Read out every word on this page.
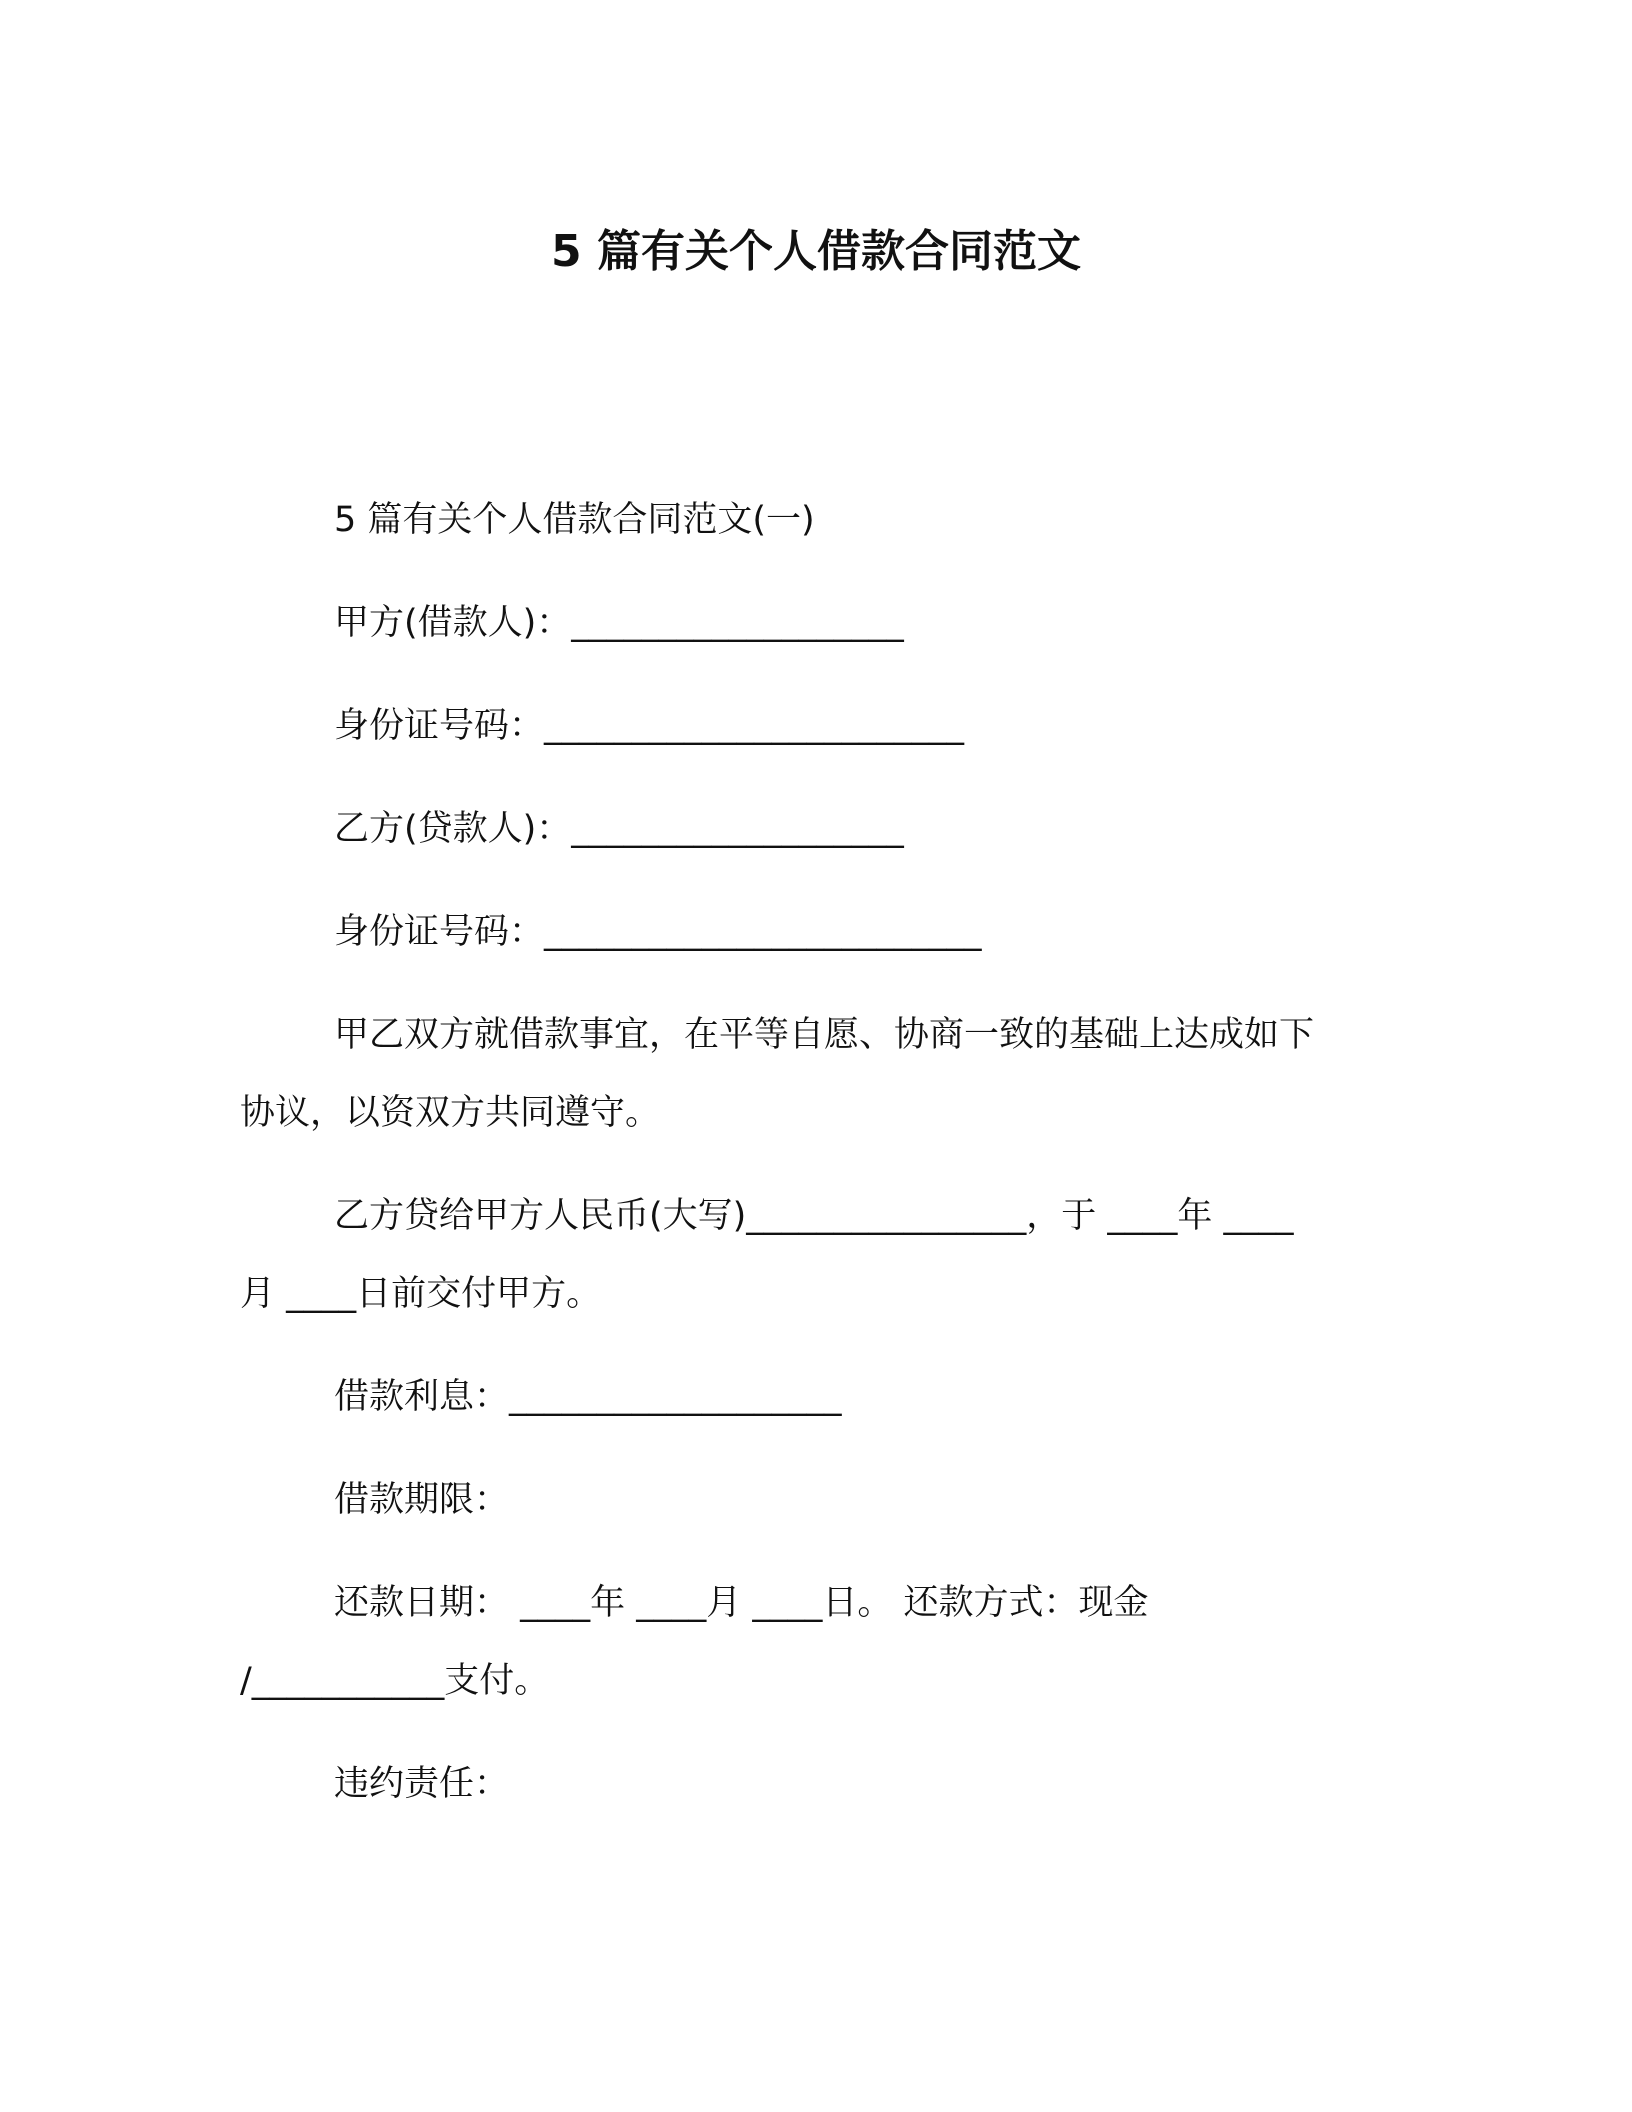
5 篇有关个人借款合同范文
5 篇有关个人借款合同范文(一)
甲方(借款人)：___________________
身份证号码：________________________
乙方(贷款人)：___________________
身份证号码：_________________________
甲乙双方就借款事宜，在平等自愿、协商一致的基础上达成如下
协议，以资双方共同遵守。
乙方贷给甲方人民币(大写)________________，于 ____年 ____
月 ____日前交付甲方。
借款利息：___________________
借款期限：
还款日期： ____年 ____月 ____日。 还款方式：现金
/___________支付。
违约责任：
